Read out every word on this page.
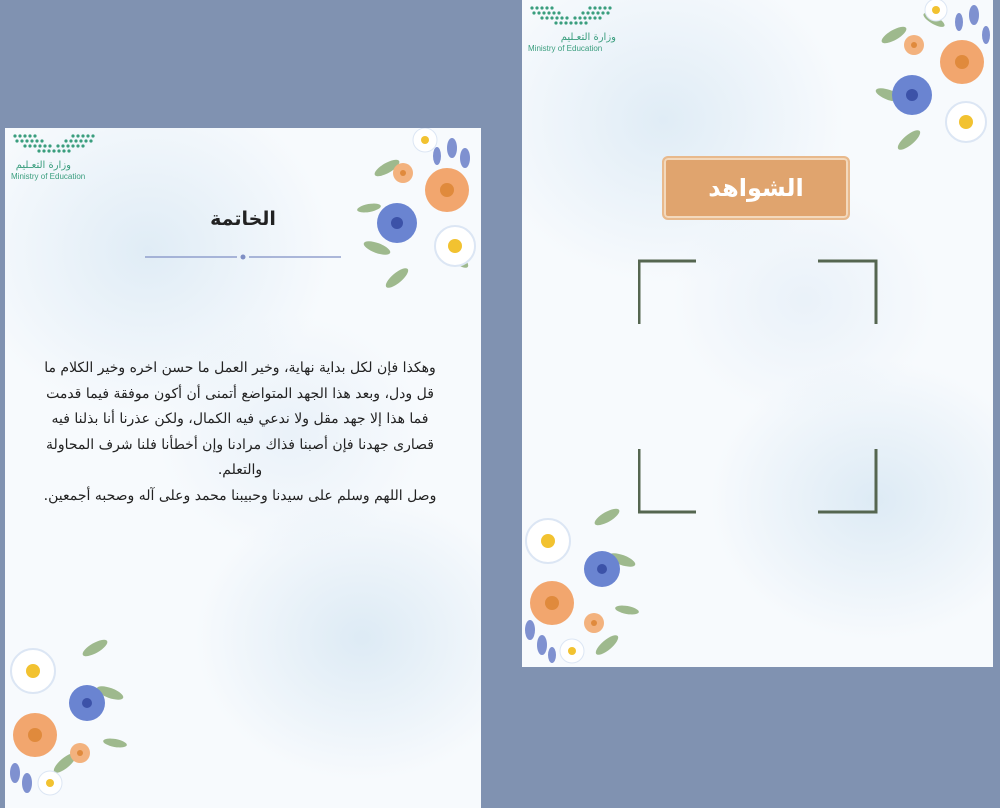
وزارة التعـليم
Ministry of Education
الخاتمة

وهكذا فإن لكل بداية نهاية، وخير العمل ما حسن اخره وخير الكلام ما قل ودل، وبعد هذا الجهد المتواضع أتمنى أن أكون موفقة فيما قدمت فما هذا إلا جهد مقل ولا ندعي فيه الكمال، ولكن عذرنا أنا بذلنا فيه قصارى جهدنا فإن أصبنا فذاك مرادنا وإن أخطأنا فلنا شرف المحاولة والتعلم.

وصل اللهم وسلم على سيدنا وحبيبنا محمد وعلى آله وصحبه أجمعين.

وزارة التعـليم
Ministry of Education
الشواهد
